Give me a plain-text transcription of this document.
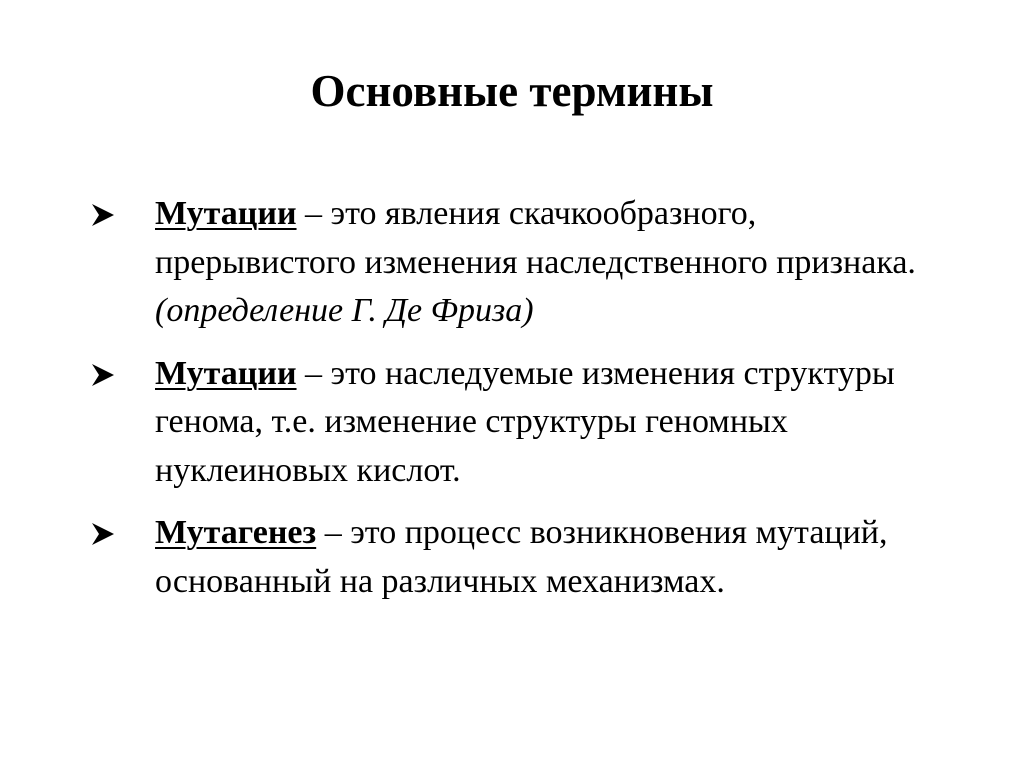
Основные термины
Мутации – это явления скачкообразного, прерывистого изменения наследственного признака. (определение Г. Де Фриза)
Мутации – это наследуемые изменения структуры генома, т.е. изменение структуры геномных нуклеиновых кислот.
Мутагенез – это процесс возникновения мутаций, основанный на различных механизмах.
